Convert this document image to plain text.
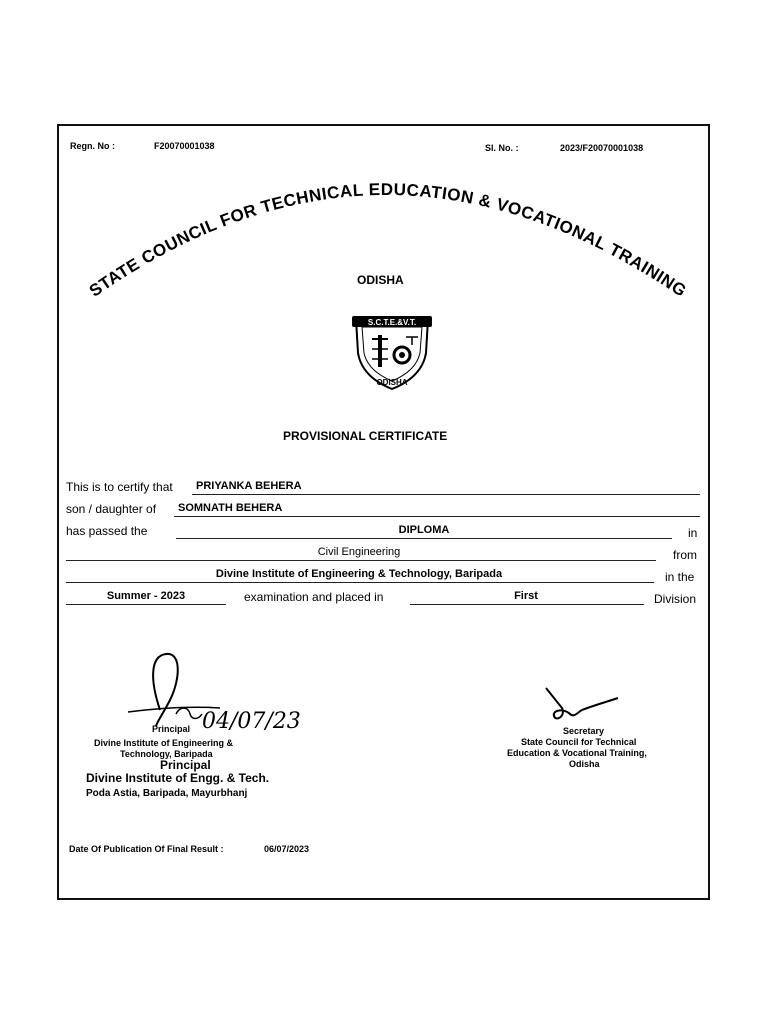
Regn. No :	F20070001038	Sl. No. :	2023/F20070001038
STATE COUNCIL FOR TECHNICAL EDUCATION & VOCATIONAL TRAINING
ODISHA
S.C.T.E.&V.T.
ODISHA
PROVISIONAL CERTIFICATE
This is to certify that PRIYANKA BEHERA
son / daughter of SOMNATH BEHERA
has passed the	DIPLOMA	in
Civil Engineering	from
Divine Institute of Engineering & Technology, Baripada	in the
Summer - 2023	examination and placed in	First	Division
04/07/23
Principal
Divine Institute of Engineering &
Technology, Baripada
Principal
Divine Institute of Engg. & Tech.
Poda Astia, Baripada, Mayurbhanj
Secretary
State Council for Technical
Education & Vocational Training,
Odisha
Date Of Publication Of Final Result :	06/07/2023
